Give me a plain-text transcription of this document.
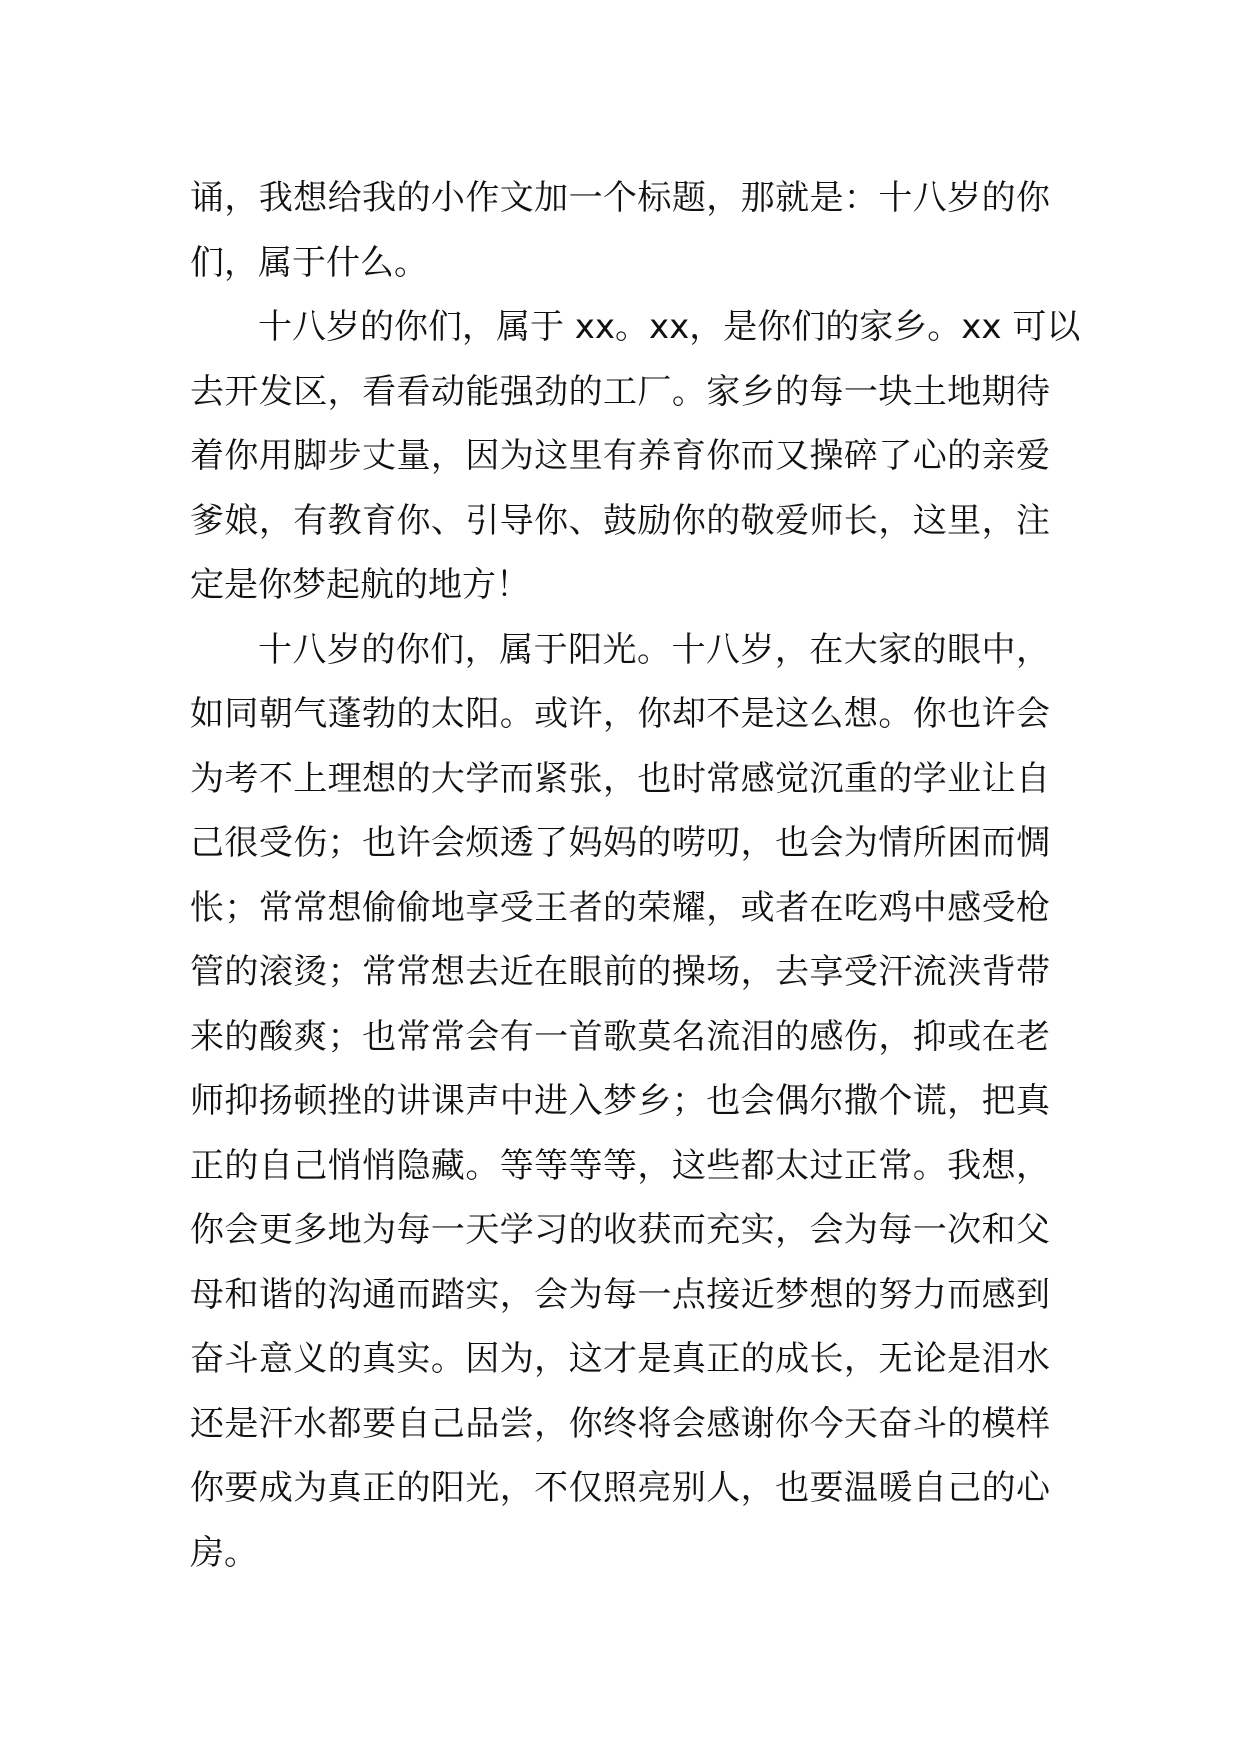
诵，我想给我的小作文加一个标题，那就是：十八岁的你
们，属于什么。
十八岁的你们，属于 xx。xx，是你们的家乡。xx 可以
去开发区，看看动能强劲的工厂。家乡的每一块土地期待
着你用脚步丈量，因为这里有养育你而又操碎了心的亲爱
爹娘，有教育你、引导你、鼓励你的敬爱师长，这里，注
定是你梦起航的地方！
十八岁的你们，属于阳光。十八岁，在大家的眼中，
如同朝气蓬勃的太阳。或许，你却不是这么想。你也许会
为考不上理想的大学而紧张，也时常感觉沉重的学业让自
己很受伤；也许会烦透了妈妈的唠叨，也会为情所困而惆
怅；常常想偷偷地享受王者的荣耀，或者在吃鸡中感受枪
管的滚烫；常常想去近在眼前的操场，去享受汗流浃背带
来的酸爽；也常常会有一首歌莫名流泪的感伤，抑或在老
师抑扬顿挫的讲课声中进入梦乡；也会偶尔撒个谎，把真
正的自己悄悄隐藏。等等等等，这些都太过正常。我想，
你会更多地为每一天学习的收获而充实，会为每一次和父
母和谐的沟通而踏实，会为每一点接近梦想的努力而感到
奋斗意义的真实。因为，这才是真正的成长，无论是泪水
还是汗水都要自己品尝，你终将会感谢你今天奋斗的模样
你要成为真正的阳光，不仅照亮别人，也要温暖自己的心
房。
